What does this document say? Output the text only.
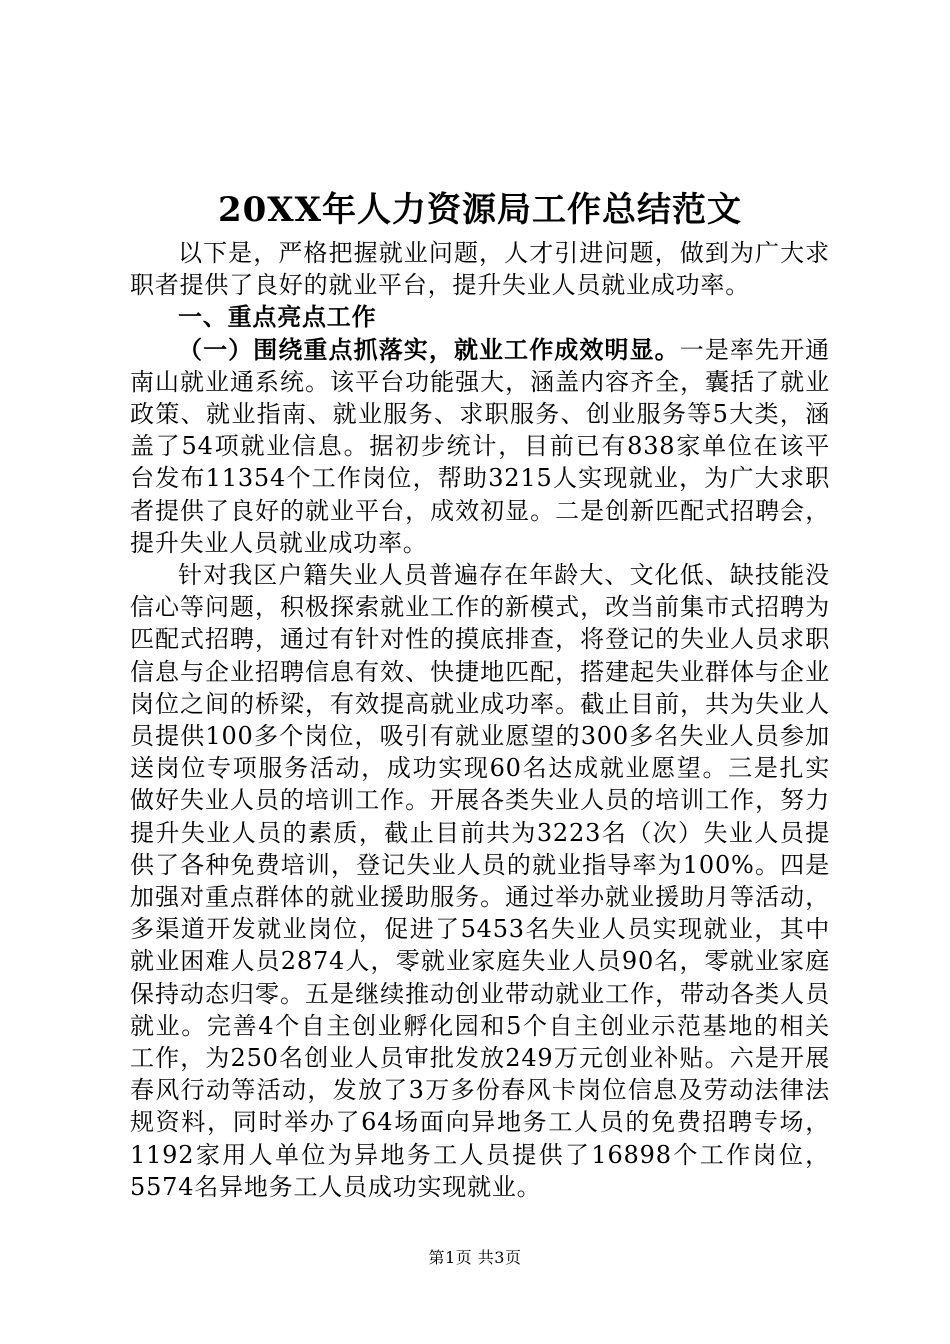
20XX年人力资源局工作总结范文

以下是，严格把握就业问题，人才引进问题，做到为广大求职者提供了良好的就业平台，提升失业人员就业成功率。

一、重点亮点工作

（一）围绕重点抓落实，就业工作成效明显。一是率先开通南山就业通系统。该平台功能强大，涵盖内容齐全，囊括了就业政策、就业指南、就业服务、求职服务、创业服务等5大类，涵盖了54项就业信息。据初步统计，目前已有838家单位在该平台发布11354个工作岗位，帮助3215人实现就业，为广大求职者提供了良好的就业平台，成效初显。二是创新匹配式招聘会，提升失业人员就业成功率。

针对我区户籍失业人员普遍存在年龄大、文化低、缺技能没信心等问题，积极探索就业工作的新模式，改当前集市式招聘为匹配式招聘，通过有针对性的摸底排查，将登记的失业人员求职信息与企业招聘信息有效、快捷地匹配，搭建起失业群体与企业岗位之间的桥梁，有效提高就业成功率。截止目前，共为失业人员提供100多个岗位，吸引有就业愿望的300多名失业人员参加送岗位专项服务活动，成功实现60名达成就业愿望。三是扎实做好失业人员的培训工作。开展各类失业人员的培训工作，努力提升失业人员的素质，截止目前共为3223名（次）失业人员提供了各种免费培训，登记失业人员的就业指导率为100%。四是加强对重点群体的就业援助服务。通过举办就业援助月等活动，多渠道开发就业岗位，促进了5453名失业人员实现就业，其中就业困难人员2874人，零就业家庭失业人员90名，零就业家庭保持动态归零。五是继续推动创业带动就业工作，带动各类人员就业。完善4个自主创业孵化园和5个自主创业示范基地的相关工作，为250名创业人员审批发放249万元创业补贴。六是开展春风行动等活动，发放了3万多份春风卡岗位信息及劳动法律法规资料，同时举办了64场面向异地务工人员的免费招聘专场，1192家用人单位为异地务工人员提供了16898个工作岗位，5574名异地务工人员成功实现就业。

第1页 共3页
